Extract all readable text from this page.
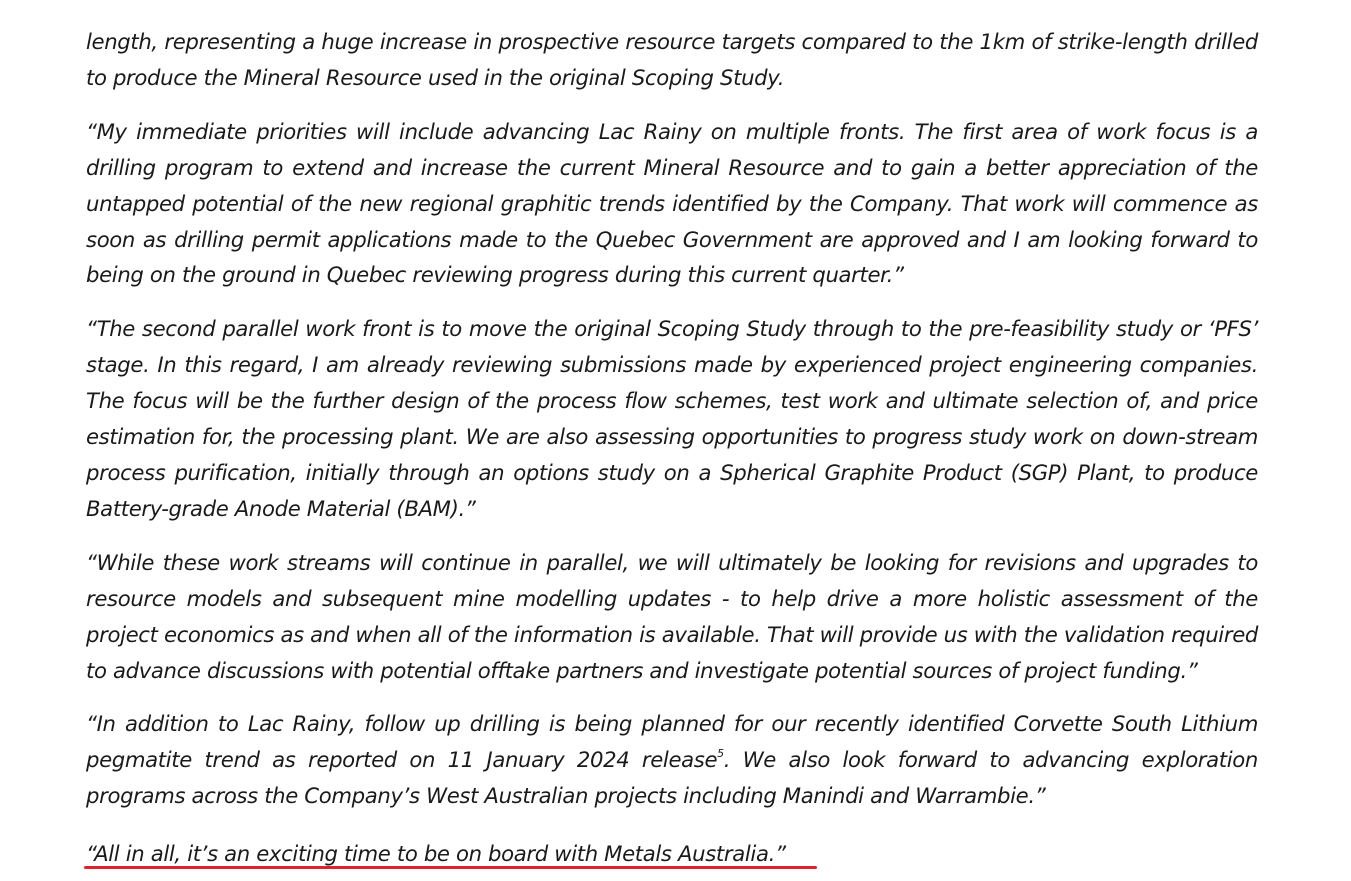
length, representing a huge increase in prospective resource targets compared to the 1km of strike-length drilled to produce the Mineral Resource used in the original Scoping Study.

“My immediate priorities will include advancing Lac Rainy on multiple fronts. The first area of work focus is a drilling program to extend and increase the current Mineral Resource and to gain a better appreciation of the untapped potential of the new regional graphitic trends identified by the Company. That work will commence as soon as drilling permit applications made to the Quebec Government are approved and I am looking forward to being on the ground in Quebec reviewing progress during this current quarter.”

“The second parallel work front is to move the original Scoping Study through to the pre-feasibility study or ‘PFS’ stage. In this regard, I am already reviewing submissions made by experienced project engineering companies. The focus will be the further design of the process flow schemes, test work and ultimate selection of, and price estimation for, the processing plant. We are also assessing opportunities to progress study work on down-stream process purification, initially through an options study on a Spherical Graphite Product (SGP) Plant, to produce Battery-grade Anode Material (BAM).”

“While these work streams will continue in parallel, we will ultimately be looking for revisions and upgrades to resource models and subsequent mine modelling updates - to help drive a more holistic assessment of the project economics as and when all of the information is available. That will provide us with the validation required to advance discussions with potential offtake partners and investigate potential sources of project funding.”

“In addition to Lac Rainy, follow up drilling is being planned for our recently identified Corvette South Lithium pegmatite trend as reported on 11 January 2024 release$^5$. We also look forward to advancing exploration programs across the Company’s West Australian projects including Manindi and Warrambie.”

“All in all, it’s an exciting time to be on board with Metals Australia.”
